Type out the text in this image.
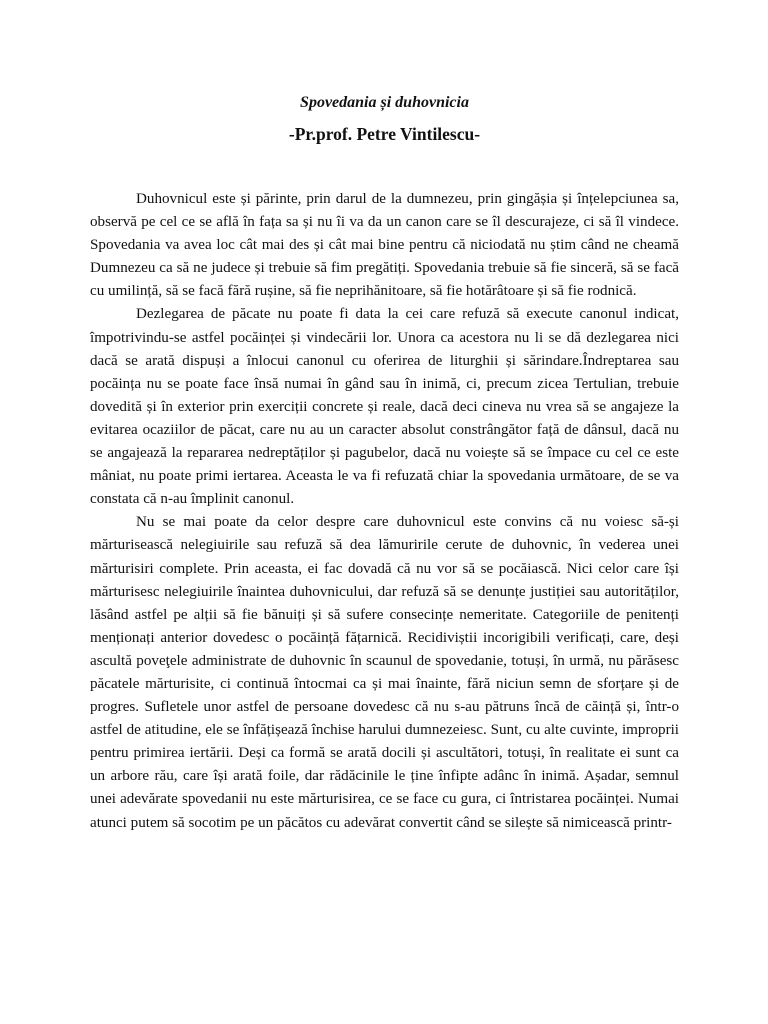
Spovedania și duhovnicia
-Pr.prof. Petre Vintilescu-

Duhovnicul este și părinte, prin darul de la dumnezeu, prin gingășia și înțelepciunea sa, observă pe cel ce se află în fața sa și nu îi va da un canon care se îl descurajeze, ci să îl vindece. Spovedania va avea loc cât mai des și cât mai bine pentru că niciodată nu știm când ne cheamă Dumnezeu ca să ne judece și trebuie să fim pregătiți. Spovedania trebuie să fie sinceră, să se facă cu umilință, să se facă fără rușine, să fie neprihănitoare, să fie hotărâtoare și să fie rodnică.

Dezlegarea de păcate nu poate fi data la cei care refuză să execute canonul indicat, împotrivindu-se astfel pocăinței și vindecării lor. Unora ca acestora nu li se dă dezlegarea nici dacă se arată dispuși a înlocui canonul cu oferirea de liturghii și sărindare.Îndreptarea sau pocăința nu se poate face însă numai în gând sau în inimă, ci, precum zicea Tertulian, trebuie dovedită și în exterior prin exerciții concrete și reale, dacă deci cineva nu vrea să se angajeze la evitarea ocaziilor de păcat, care nu au un caracter absolut constrângător față de dânsul, dacă nu se angajează la repararea nedreptăților și pagubelor, dacă nu voiește să se împace cu cel ce este mâniat, nu poate primi iertarea. Aceasta le va fi refuzată chiar la spovedania următoare, de se va constata că n-au împlinit canonul.

Nu se mai poate da celor despre care duhovnicul este convins că nu voiesc să-și mărturisească nelegiuirile sau refuză să dea lămuririle cerute de duhovnic, în vederea unei mărturisiri complete. Prin aceasta, ei fac dovadă că nu vor să se pocăiască. Nici celor care își mărturisesc nelegiuirile înaintea duhovnicului, dar refuză să se denunțe justiției sau autorităților, lăsând astfel pe alții să fie bănuiți și să sufere consecințe nemeritate. Categoriile de penitenți menționați anterior dovedesc o pocăință fățarnică. Recidiviștii incorigibili verificați, care, deși ascultă poveţele administrate de duhovnic în scaunul de spovedanie, totuși, în urmă, nu părăsesc păcatele mărturisite, ci continuă întocmai ca și mai înainte, fără niciun semn de sforțare și de progres. Sufletele unor astfel de persoane dovedesc că nu s-au pătruns încă de căință și, într-o astfel de atitudine, ele se înfățișează închise harului dumnezeiesc. Sunt, cu alte cuvinte, improprii pentru primirea iertării. Deși ca formă se arată docili și ascultători, totuși, în realitate ei sunt ca un arbore rău, care își arată foile, dar rădăcinile le ține înfipte adânc în inimă. Așadar, semnul unei adevărate spovedanii nu este mărturisirea, ce se face cu gura, ci întristarea pocăinței. Numai atunci putem să socotim pe un păcătos cu adevărat convertit când se silește să nimicească printr-
